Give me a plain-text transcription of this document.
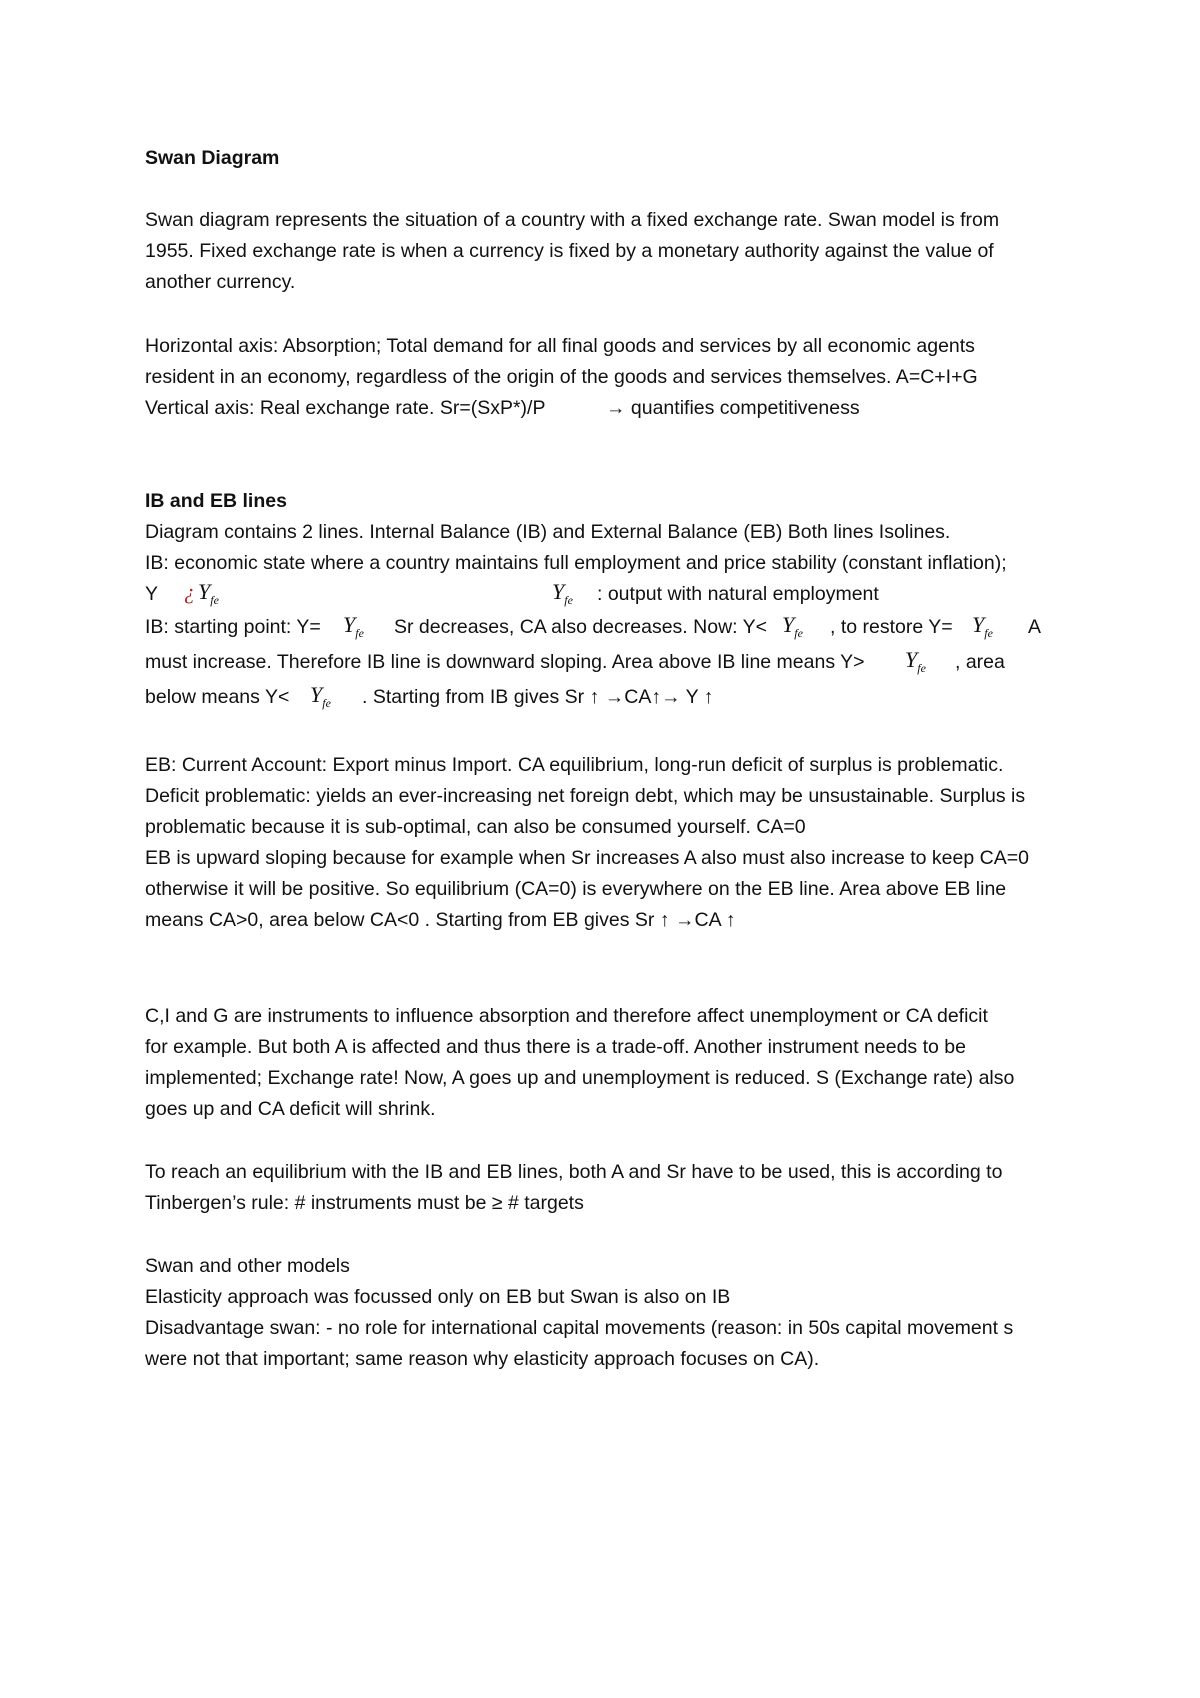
Swan Diagram
Swan diagram represents the situation of a country with a fixed exchange rate. Swan model is from
1955. Fixed exchange rate is when a currency is fixed by a monetary authority against the value of
another currency.
Horizontal axis: Absorption; Total demand for all final goods and services by all economic agents
resident in an economy, regardless of the origin of the goods and services themselves. A=C+I+G
Vertical axis: Real exchange rate. Sr=(SxP*)/P	→ quantifies competitiveness
IB and EB lines
Diagram contains 2 lines. Internal Balance (IB) and External Balance (EB) Both lines Isolines.
IB: economic state where a country maintains full employment and price stability (constant inflation);
Y ¿ $Y_{fe}$	$Y_{fe}$ : output with natural employment
IB: starting point: $Y= Y_{fe}$ Sr decreases, CA also decreases. Now: $Y< Y_{fe}$ , to restore $Y= Y_{fe}$ A
must increase. Therefore IB line is downward sloping. Area above IB line means $Y> Y_{fe}$ , area
below means $Y< Y_{fe}$ . Starting from IB gives Sr ↑ →CA↑→ Y ↑
EB: Current Account: Export minus Import. CA equilibrium, long-run deficit of surplus is problematic.
Deficit problematic: yields an ever-increasing net foreign debt, which may be unsustainable. Surplus is
problematic because it is sub-optimal, can also be consumed yourself. CA=0
EB is upward sloping because for example when Sr increases A also must also increase to keep CA=0
otherwise it will be positive. So equilibrium (CA=0) is everywhere on the EB line. Area above EB line
means CA>0, area below CA<0 . Starting from EB gives Sr ↑ →CA ↑
C,I and G are instruments to influence absorption and therefore affect unemployment or CA deficit
for example. But both A is affected and thus there is a trade-off. Another instrument needs to be
implemented; Exchange rate! Now, A goes up and unemployment is reduced. S (Exchange rate) also
goes up and CA deficit will shrink.
To reach an equilibrium with the IB and EB lines, both A and Sr have to be used, this is according to
Tinbergen’s rule: # instruments must be ≥ # targets
Swan and other models
Elasticity approach was focussed only on EB but Swan is also on IB
Disadvantage swan: - no role for international capital movements (reason: in 50s capital movement s
were not that important; same reason why elasticity approach focuses on CA).
